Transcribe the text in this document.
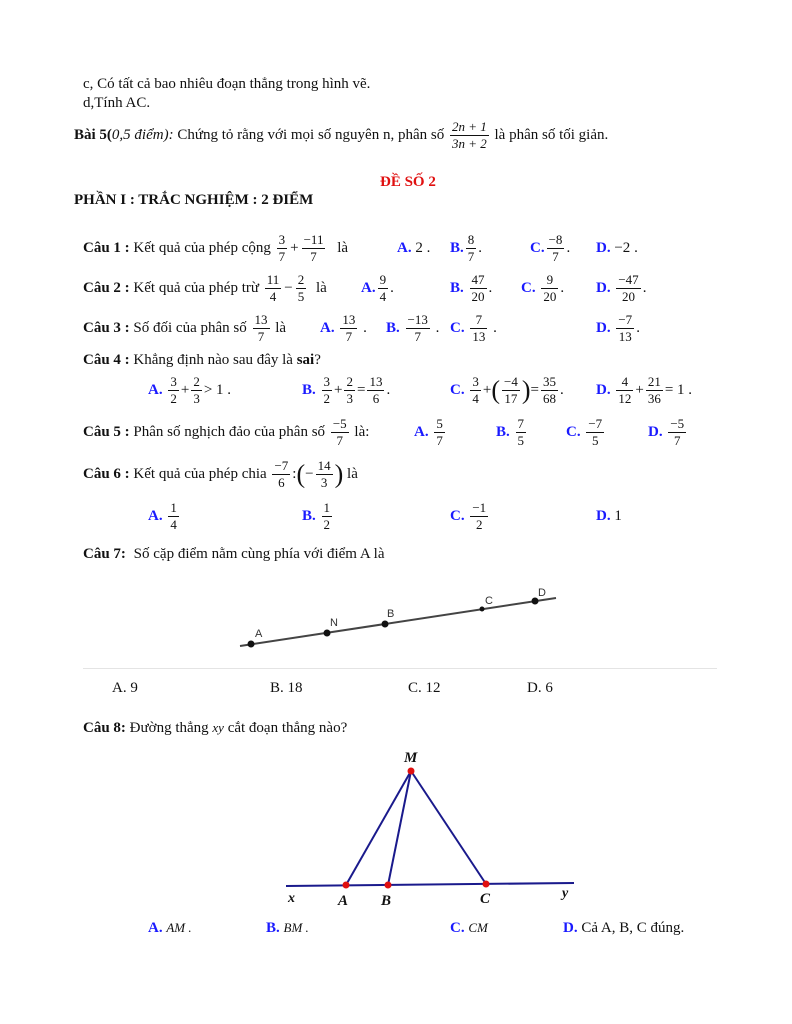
c, Có tất cả bao nhiêu đoạn thẳng trong hình vẽ.
d,Tính AC.
Bài 5(0,5 điểm): Chứng tỏ rằng với mọi số nguyên n, phân số $\frac{2n + 1}{3n + 2}$ là phân số tối giản.
ĐỀ SỐ 2
PHẦN I : TRẮC NGHIỆM : 2 ĐIỂM
Câu 1 : Kết quả của phép cộng $\frac{3}{7} + \frac{-11}{7}$ là	A. 2 . B. $\frac{8}{7}$ .	C. $\frac{-8}{7}$ . D. −2 .
Câu 2 : Kết quả của phép trừ $\frac{11}{4} - \frac{2}{5}$ là A. $\frac{9}{4}$ .	B. $\frac{47}{20}$ . C. $\frac{9}{20}$ . D. $\frac{-47}{20}$ .
Câu 3 : Số đối của phân số $\frac{13}{7}$ là A. $\frac{13}{7}$ . B. $\frac{-13}{7}$ . C. $\frac{7}{13}$ .	D. $\frac{-7}{13}$ .
Câu 4 : Khẳng định nào sau đây là sai?
A. $\frac{3}{2} + \frac{2}{3} > 1$ .	B. $\frac{3}{2} + \frac{2}{3} = \frac{13}{6}$ .	C. $\frac{3}{4}$ +( $\frac{-4}{17}$ )= $\frac{35}{68}$ . D. $\frac{4}{12} + \frac{21}{36} = 1$ .
Câu 5 : Phân số nghịch đảo của phân số $\frac{-5}{7}$ là:	A. $\frac{5}{7}$	B. $\frac{7}{5}$	C. $\frac{-7}{5}$	D. $\frac{-5}{7}$
Câu 6 : Kết quả của phép chia $\frac{-7}{6}$ :(− $\frac{14}{3}$ ) là
A. $\frac{1}{4}$	B. $\frac{1}{2}$	C. $\frac{-1}{2}$	D. 1
Câu 7: Số cặp điểm nằm cùng phía với điểm A là
A
N
B
C
D
A. 9	B. 18	C. 12	D. 6
Câu 8: Đường thẳng xy cắt đoạn thẳng nào?
M
x	A B	C	y
A. AM .	B. BM .	C. CM	D. Cả A, B, C đúng.
